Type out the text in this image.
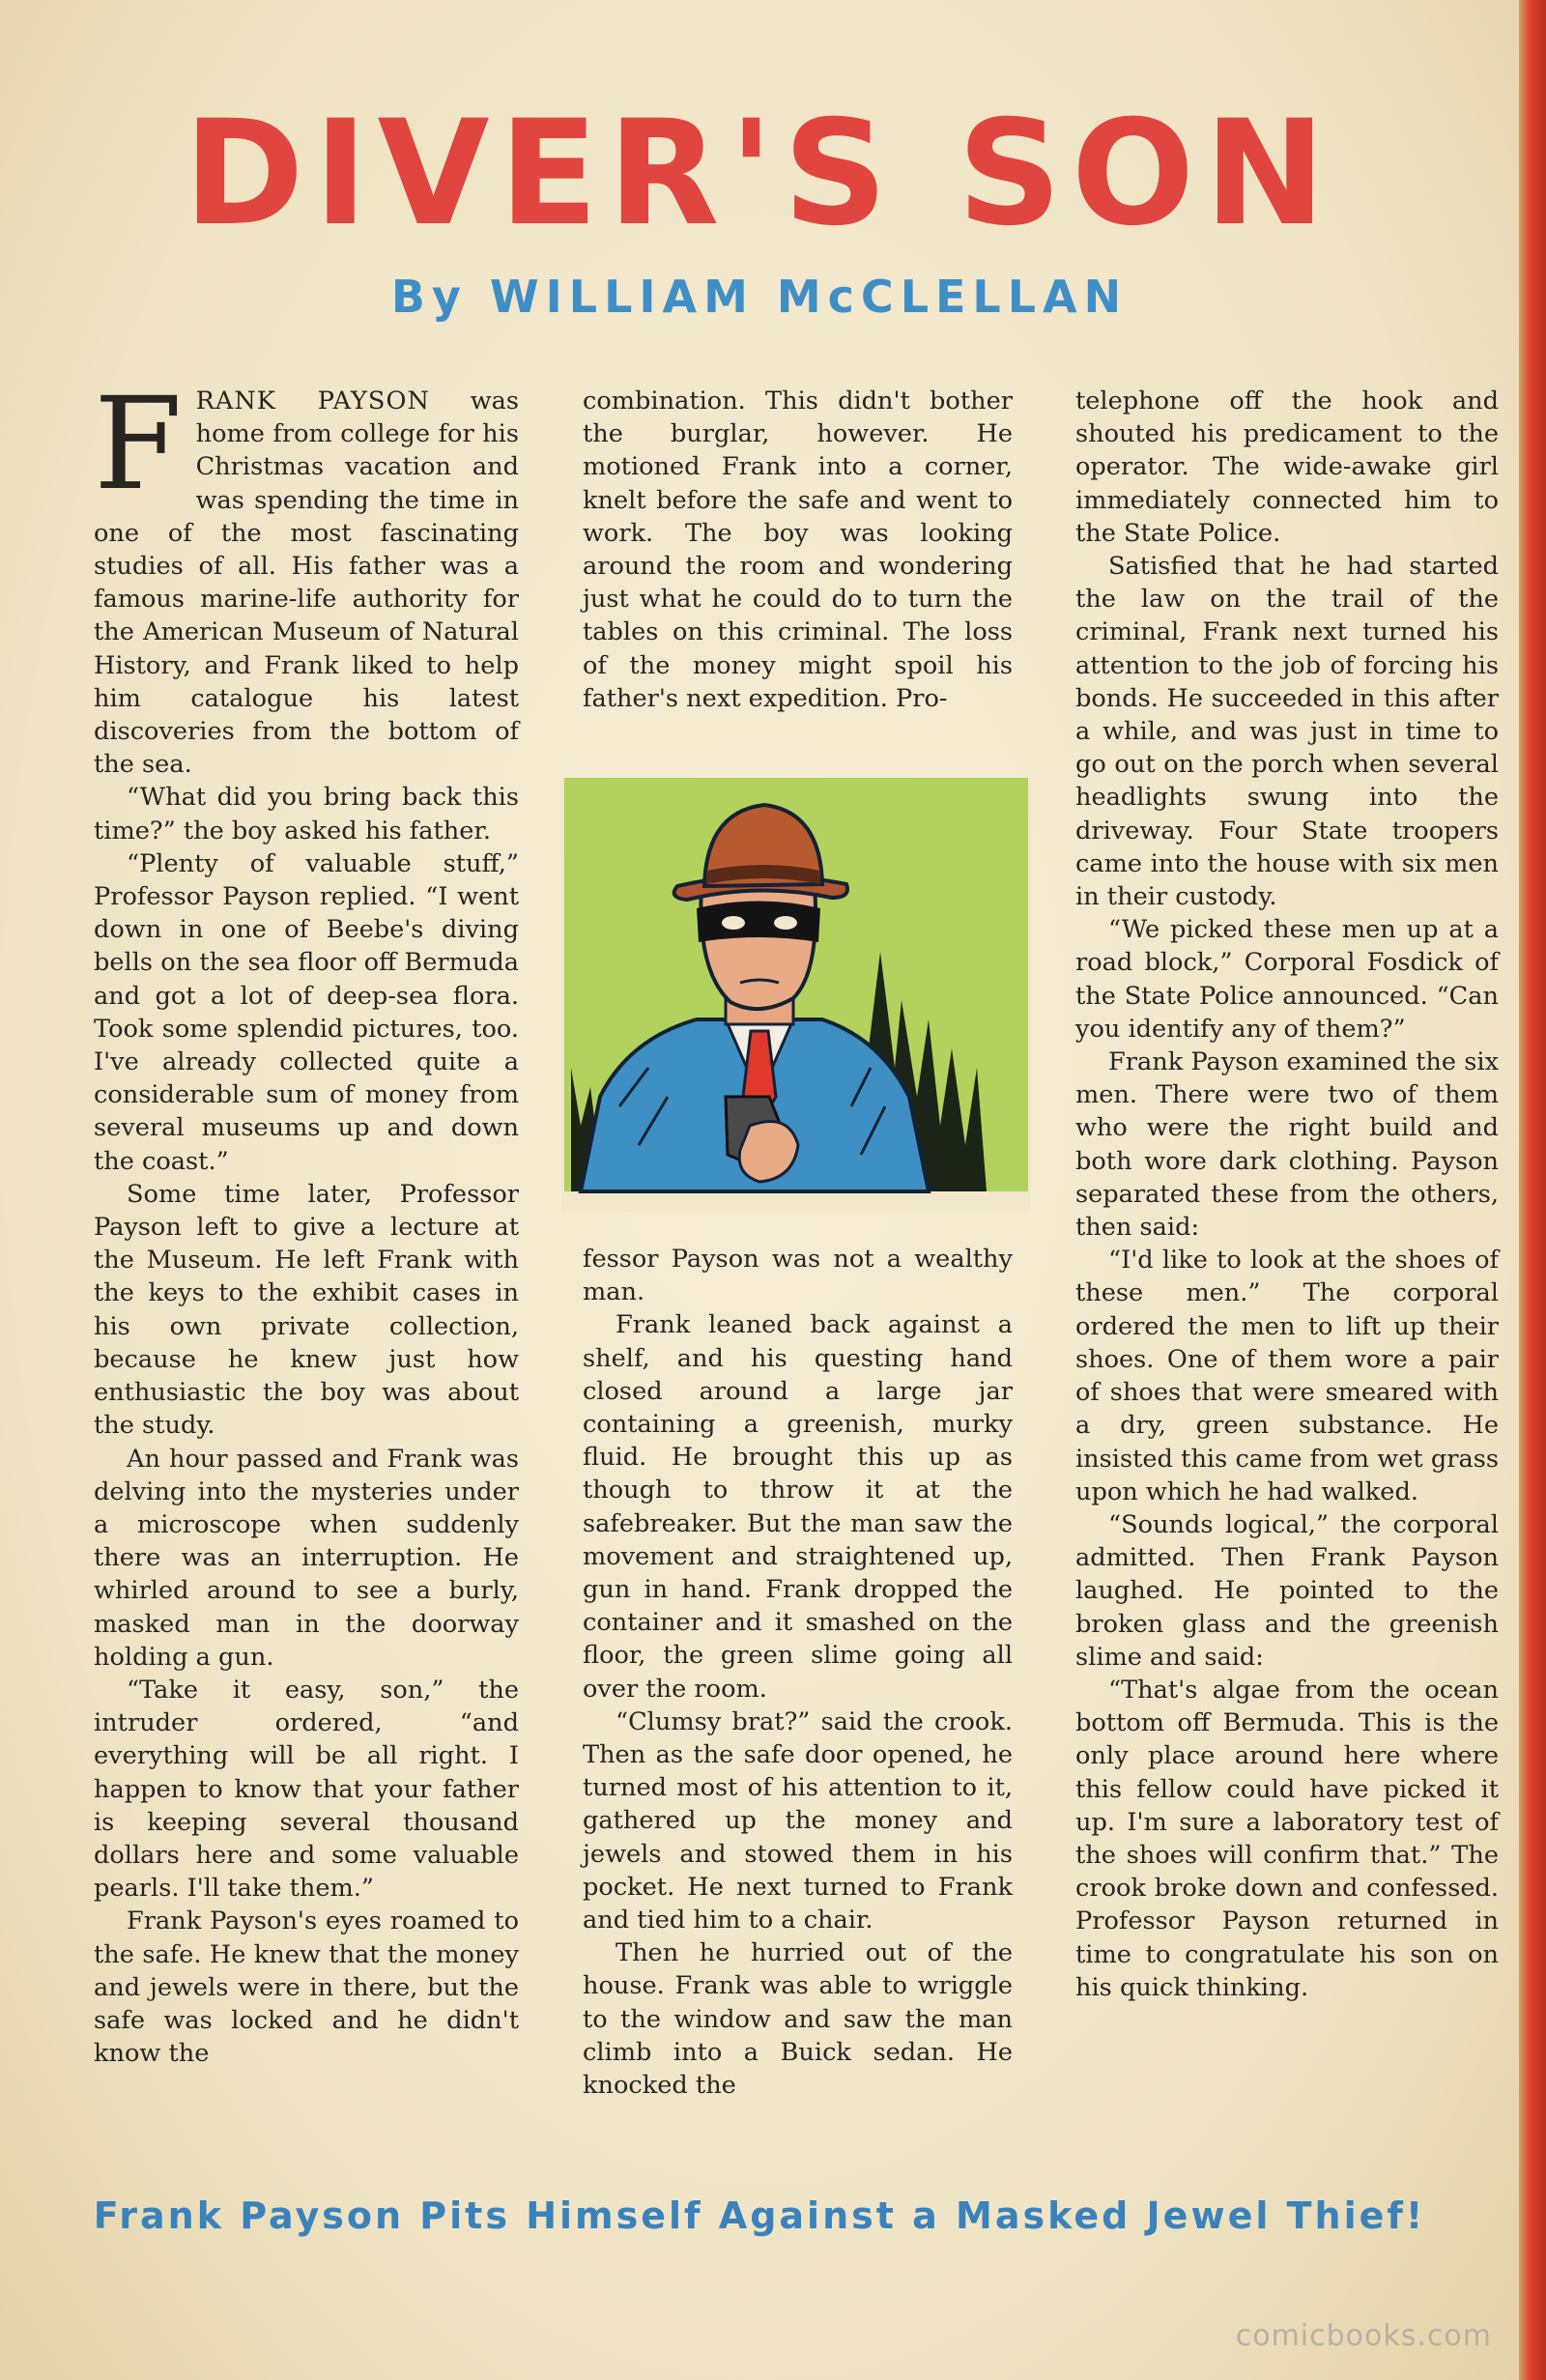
DIVER'S SON
By WILLIAM McCLELLAN

FRANK PAYSON was home from college for his Christmas vacation and was spending the time in one of the most fascinating studies of all. His father was a famous marine-life authority for the American Museum of Natural History, and Frank liked to help him catalogue his latest discoveries from the bottom of the sea.

“What did you bring back this time?” the boy asked his father.

“Plenty of valuable stuff,” Professor Payson replied. “I went down in one of Beebe's diving bells on the sea floor off Bermuda and got a lot of deep-sea flora. Took some splendid pictures, too. I've already collected quite a considerable sum of money from several museums up and down the coast.”

Some time later, Professor Payson left to give a lecture at the Museum. He left Frank with the keys to the exhibit cases in his own private collection, because he knew just how enthusiastic the boy was about the study.

An hour passed and Frank was delving into the mysteries under a microscope when suddenly there was an interruption. He whirled around to see a burly, masked man in the doorway holding a gun.

“Take it easy, son,” the intruder ordered, “and everything will be all right. I happen to know that your father is keeping several thousand dollars here and some valuable pearls. I'll take them.”

Frank Payson's eyes roamed to the safe. He knew that the money and jewels were in there, but the safe was locked and he didn't know the

combination. This didn't bother the burglar, however. He motioned Frank into a corner, knelt before the safe and went to work. The boy was looking around the room and wondering just what he could do to turn the tables on this criminal. The loss of the money might spoil his father's next expedition. Pro-

fessor Payson was not a wealthy man.

Frank leaned back against a shelf, and his questing hand closed around a large jar containing a greenish, murky fluid. He brought this up as though to throw it at the safebreaker. But the man saw the movement and straightened up, gun in hand. Frank dropped the container and it smashed on the floor, the green slime going all over the room.

“Clumsy brat?” said the crook. Then as the safe door opened, he turned most of his attention to it, gathered up the money and jewels and stowed them in his pocket. He next turned to Frank and tied him to a chair.

Then he hurried out of the house. Frank was able to wriggle to the window and saw the man climb into a Buick sedan. He knocked the

telephone off the hook and shouted his predicament to the operator. The wide-awake girl immediately connected him to the State Police.

Satisfied that he had started the law on the trail of the criminal, Frank next turned his attention to the job of forcing his bonds. He succeeded in this after a while, and was just in time to go out on the porch when several headlights swung into the driveway. Four State troopers came into the house with six men in their custody.

“We picked these men up at a road block,” Corporal Fosdick of the State Police announced. “Can you identify any of them?”

Frank Payson examined the six men. There were two of them who were the right build and both wore dark clothing. Payson separated these from the others, then said:

“I'd like to look at the shoes of these men.” The corporal ordered the men to lift up their shoes. One of them wore a pair of shoes that were smeared with a dry, green substance. He insisted this came from wet grass upon which he had walked.

“Sounds logical,” the corporal admitted. Then Frank Payson laughed. He pointed to the broken glass and the greenish slime and said:

“That's algae from the ocean bottom off Bermuda. This is the only place around here where this fellow could have picked it up. I'm sure a laboratory test of the shoes will confirm that.” The crook broke down and confessed. Professor Payson returned in time to congratulate his son on his quick thinking.

Frank Payson Pits Himself Against a Masked Jewel Thief!
comicbooks.com
